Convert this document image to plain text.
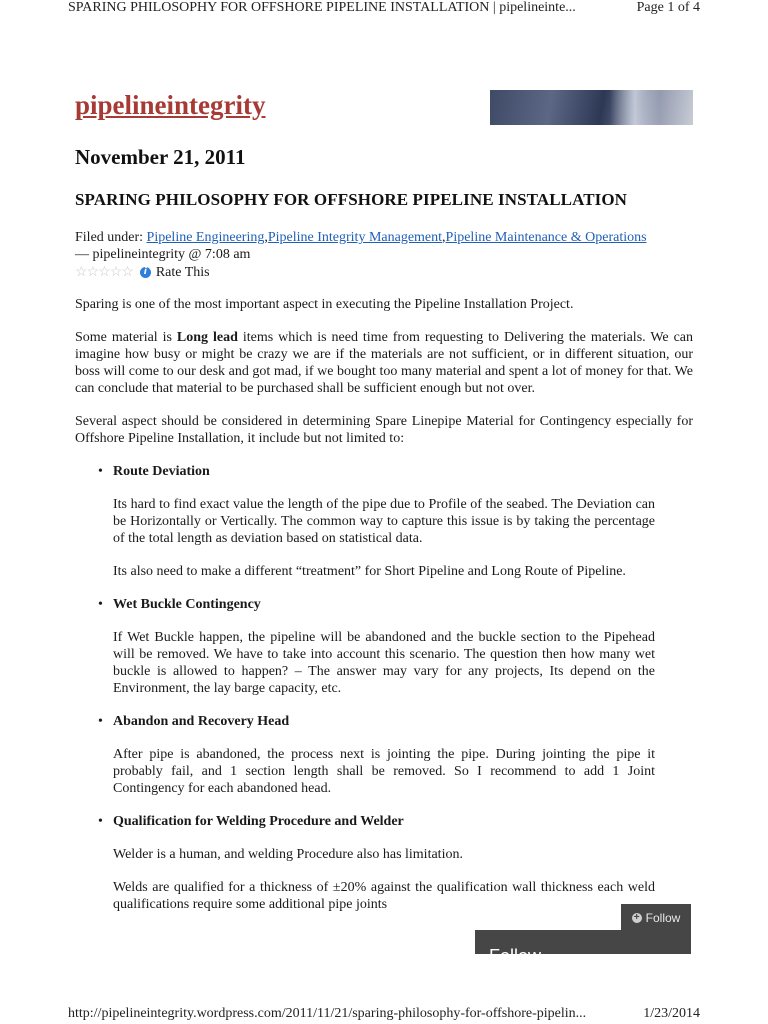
SPARING PHILOSOPHY FOR OFFSHORE PIPELINE INSTALLATION | pipelineinte...	Page 1 of 4
pipelineintegrity
November 21, 2011
SPARING PHILOSOPHY FOR OFFSHORE PIPELINE INSTALLATION
Filed under: Pipeline Engineering,Pipeline Integrity Management,Pipeline Maintenance & Operations
— pipelineintegrity @ 7:08 am
☆ ☆ ☆ ☆ ☆	i Rate This

Sparing is one of the most important aspect in executing the Pipeline Installation Project.

Some material is Long lead items which is need time from requesting to Delivering the materials. We can imagine how busy or might be crazy we are if the materials are not sufficient, or in different situation, our boss will come to our desk and got mad, if we bought too many material and spent a lot of money for that. We can conclude that material to be purchased shall be sufficient enough but not over.

Several aspect should be considered in determining Spare Linepipe Material for Contingency especially for Offshore Pipeline Installation, it include but not limited to:

• Route Deviation

Its hard to find exact value the length of the pipe due to Profile of the seabed. The Deviation can be Horizontally or Vertically. The common way to capture this issue is by taking the percentage of the total length as deviation based on statistical data.

Its also need to make a different “treatment” for Short Pipeline and Long Route of Pipeline.

• Wet Buckle Contingency

If Wet Buckle happen, the pipeline will be abandoned and the buckle section to the Pipehead will be removed. We have to take into account this scenario. The question then how many wet buckle is allowed to happen? – The answer may vary for any projects, Its depend on the Environment, the lay barge capacity, etc.

• Abandon and Recovery Head

After pipe is abandoned, the process next is jointing the pipe. During jointing the pipe it probably fail, and 1 section length shall be removed. So I recommend to add 1 Joint Contingency for each abandoned head.

• Qualification for Welding Procedure and Welder

Welder is a human, and welding Procedure also has limitation.

Welds are qualified for a thickness of ±20% against the qualification wall thickness each weld qualifications require some additional pipe joints

Follow
+ Follow
http://pipelineintegrity.wordpress.com/2011/11/21/sparing-philosophy-for-offshore-pipelin...	1/23/2014
